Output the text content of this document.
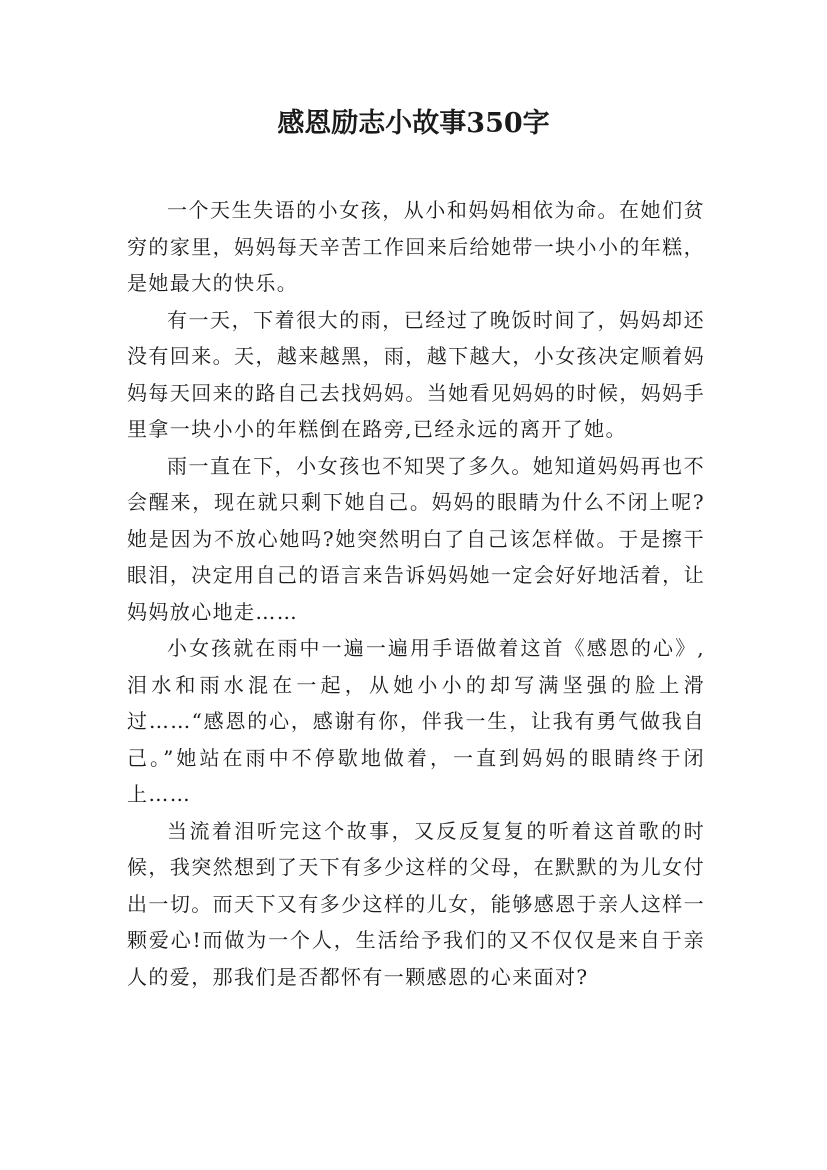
感恩励志小故事350字

一个天生失语的小女孩，从小和妈妈相依为命。在她们贫穷的家里，妈妈每天辛苦工作回来后给她带一块小小的年糕，是她最大的快乐。

有一天，下着很大的雨，已经过了晚饭时间了，妈妈却还没有回来。天，越来越黑，雨，越下越大，小女孩决定顺着妈妈每天回来的路自己去找妈妈。当她看见妈妈的时候，妈妈手里拿一块小小的年糕倒在路旁,已经永远的离开了她。

雨一直在下，小女孩也不知哭了多久。她知道妈妈再也不会醒来，现在就只剩下她自己。妈妈的眼睛为什么不闭上呢?她是因为不放心她吗?她突然明白了自己该怎样做。于是擦干眼泪，决定用自己的语言来告诉妈妈她一定会好好地活着，让妈妈放心地走……

小女孩就在雨中一遍一遍用手语做着这首《感恩的心》,泪水和雨水混在一起，从她小小的却写满坚强的脸上滑过……“感恩的心，感谢有你，伴我一生，让我有勇气做我自己。”她站在雨中不停歇地做着，一直到妈妈的眼睛终于闭上……

当流着泪听完这个故事，又反反复复的听着这首歌的时候，我突然想到了天下有多少这样的父母，在默默的为儿女付出一切。而天下又有多少这样的儿女，能够感恩于亲人这样一颗爱心!而做为一个人，生活给予我们的又不仅仅是来自于亲人的爱，那我们是否都怀有一颗感恩的心来面对?
